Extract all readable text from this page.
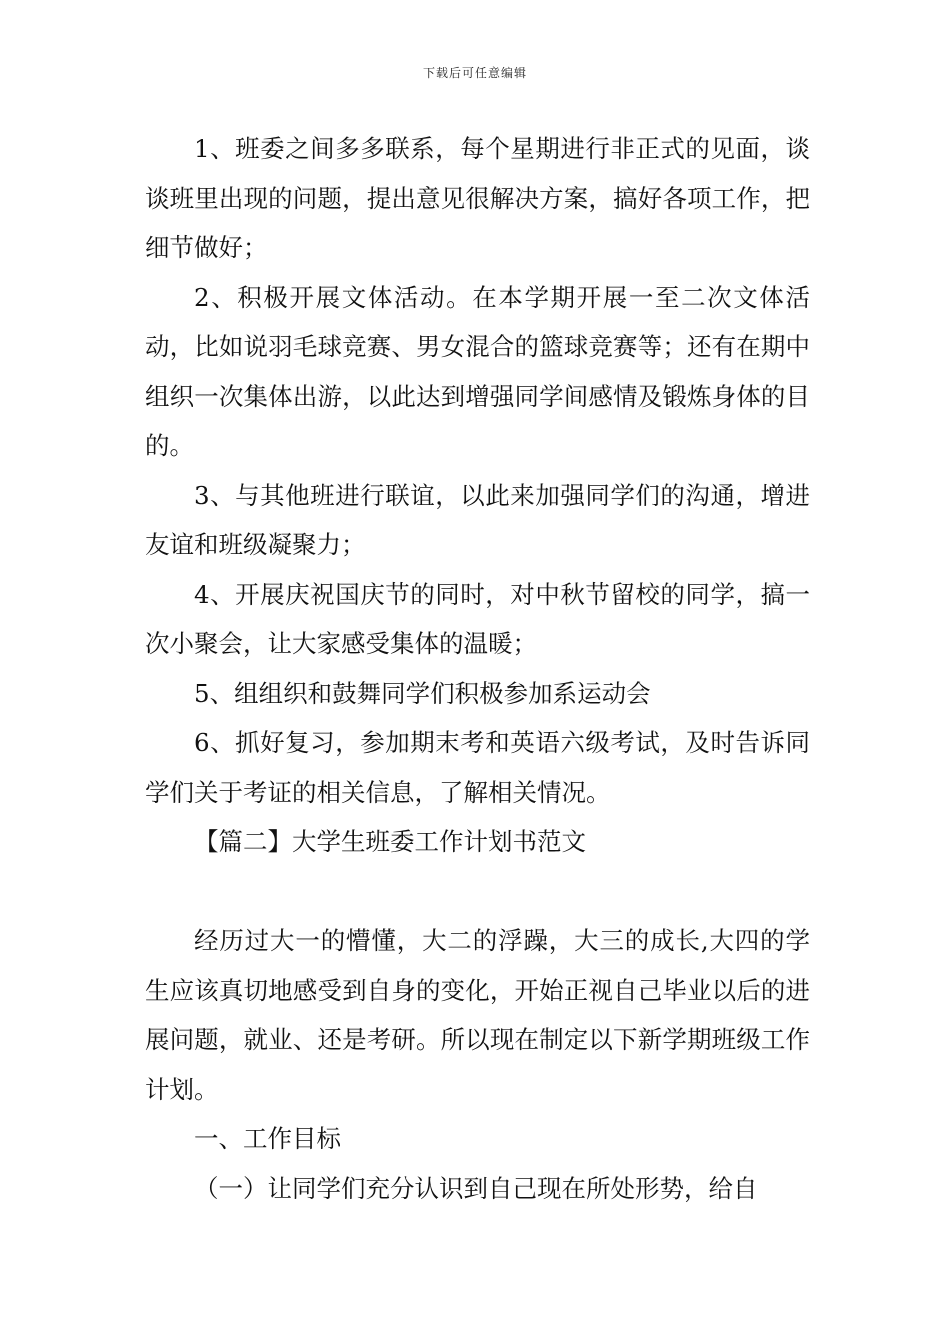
下载后可任意编辑

1、班委之间多多联系，每个星期进行非正式的见面，谈谈班里出现的问题，提出意见很解决方案，搞好各项工作，把细节做好；

2、积极开展文体活动。在本学期开展一至二次文体活动，比如说羽毛球竞赛、男女混合的篮球竞赛等；还有在期中组织一次集体出游，以此达到增强同学间感情及锻炼身体的目的。

3、与其他班进行联谊，以此来加强同学们的沟通，增进友谊和班级凝聚力；

4、开展庆祝国庆节的同时，对中秋节留校的同学，搞一次小聚会，让大家感受集体的温暖；

5、组组织和鼓舞同学们积极参加系运动会

6、抓好复习，参加期末考和英语六级考试，及时告诉同学们关于考证的相关信息，了解相关情况。

【篇二】大学生班委工作计划书范文

经历过大一的懵懂，大二的浮躁，大三的成长,大四的学生应该真切地感受到自身的变化，开始正视自己毕业以后的进展问题，就业、还是考研。所以现在制定以下新学期班级工作计划。

一、工作目标

（一）让同学们充分认识到自己现在所处形势，给自
